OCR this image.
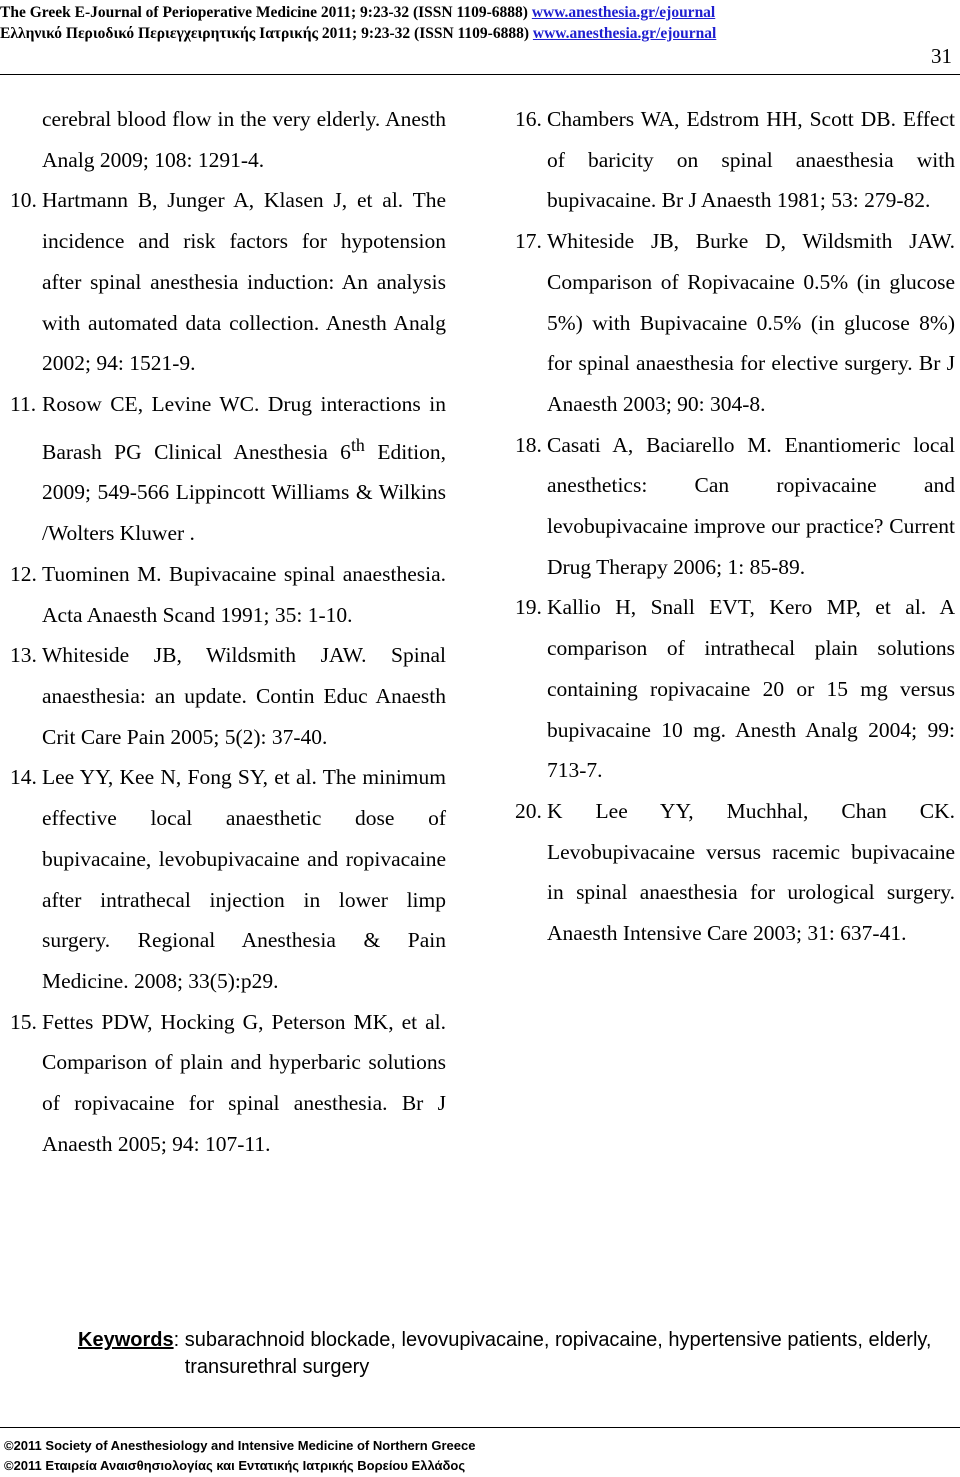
The Greek E-Journal of Perioperative Medicine 2011; 9:23-32 (ISSN 1109-6888) www.anesthesia.gr/ejournal
Ελληνικό Περιοδικό Περιεγχειρητικής Ιατρικής 2011; 9:23-32 (ISSN 1109-6888) www.anesthesia.gr/ejournal
31
cerebral blood flow in the very elderly. Anesth Analg 2009; 108: 1291-4.
10. Hartmann B, Junger A, Klasen J, et al. The incidence and risk factors for hypotension after spinal anesthesia induction: An analysis with automated data collection. Anesth Analg 2002; 94: 1521-9.
11. Rosow CE, Levine WC. Drug interactions in Barash PG Clinical Anesthesia 6th Edition, 2009; 549-566 Lippincott Williams & Wilkins /Wolters Kluwer .
12. Tuominen M. Bupivacaine spinal anaesthesia. Acta Anaesth Scand 1991; 35: 1-10.
13. Whiteside JB, Wildsmith JAW. Spinal anaesthesia: an update. Contin Educ Anaesth Crit Care Pain 2005; 5(2): 37-40.
14. Lee YY, Kee N, Fong SY, et al. The minimum effective local anaesthetic dose of bupivacaine, levobupivacaine and ropivacaine after intrathecal injection in lower limp surgery. Regional Anesthesia & Pain Medicine. 2008; 33(5):p29.
15. Fettes PDW, Hocking G, Peterson MK, et al. Comparison of plain and hyperbaric solutions of ropivacaine for spinal anesthesia. Br J Anaesth 2005; 94: 107-11.
16. Chambers WA, Edstrom HH, Scott DB. Effect of baricity on spinal anaesthesia with bupivacaine. Br J Anaesth 1981; 53: 279-82.
17. Whiteside JB, Burke D, Wildsmith JAW. Comparison of Ropivacaine 0.5% (in glucose 5%) with Bupivacaine 0.5% (in glucose 8%) for spinal anaesthesia for elective surgery. Br J Anaesth 2003; 90: 304-8.
18. Casati A, Baciarello M. Enantiomeric local anesthetics: Can ropivacaine and levobupivacaine improve our practice? Current Drug Therapy 2006; 1: 85-89.
19. Kallio H, Snall EVT, Kero MP, et al. A comparison of intrathecal plain solutions containing ropivacaine 20 or 15 mg versus bupivacaine 10 mg. Anesth Analg 2004; 99: 713-7.
20. K Lee YY, Muchhal, Chan CK. Levobupivacaine versus racemic bupivacaine in spinal anaesthesia for urological surgery. Anaesth Intensive Care 2003; 31: 637-41.
Keywords: subarachnoid blockade, levovupivacaine, ropivacaine, hypertensive patients, elderly, transurethral surgery
©2011 Society of Anesthesiology and Intensive Medicine of Northern Greece
©2011 Εταιρεία Αναισθησιολογίας και Εντατικής Ιατρικής Βορείου Ελλάδος
